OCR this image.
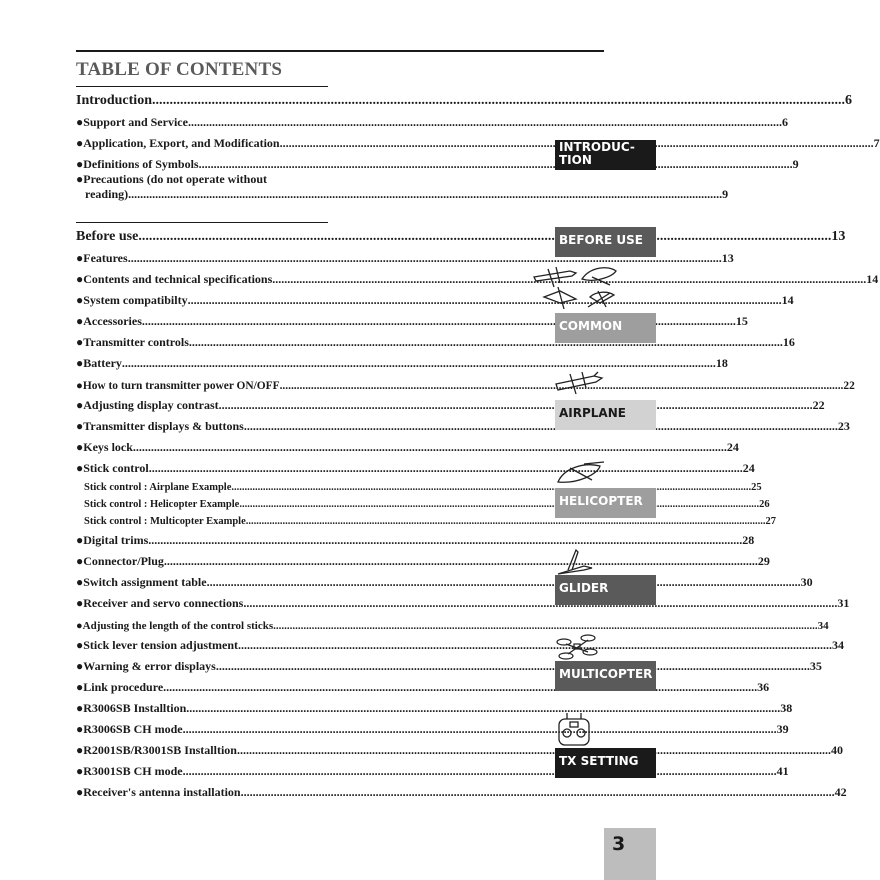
TABLE OF CONTENTS
Introduction .....	6
●Support and Service .....	6
●Application, Export, and Modification .....	7
●Definitions of Symbols .....	9
●Precautions (do not operate without
reading) .....	9
Before use .....	13
●Features .....	13
●Contents and technical specifications .....	14
●System compatibilty .....	14
●Accessories .....	15
●Transmitter controls .....	16
●Battery .....	18
●How to turn transmitter power ON/OFF .....	22
●Adjusting display contrast .....	22
●Transmitter displays & buttons .....	23
●Keys lock .....	24
●Stick control .....	24
Stick control : Airplane Example .....	25
Stick control : Helicopter Example .....	26
Stick control : Multicopter Example .....	27
●Digital trims .....	28
●Connector/Plug .....	29
●Switch assignment table .....	30
●Receiver and servo connections .....	31
●Adjusting the length of the control sticks .....	34
●Stick lever tension adjustment .....	34
●Warning & error displays .....	35
●Link procedure .....	36
●R3006SB Installtion .....	38
●R3006SB CH mode .....	39
●R2001SB/R3001SB Installtion .....	40
●R3001SB CH mode .....	41
●Receiver's antenna installation .....	42
INTRODUC-
TION
BEFORE USE
COMMON
AIRPLANE
HELICOPTER
GLIDER
MULTICOPTER
TX SETTING
3
